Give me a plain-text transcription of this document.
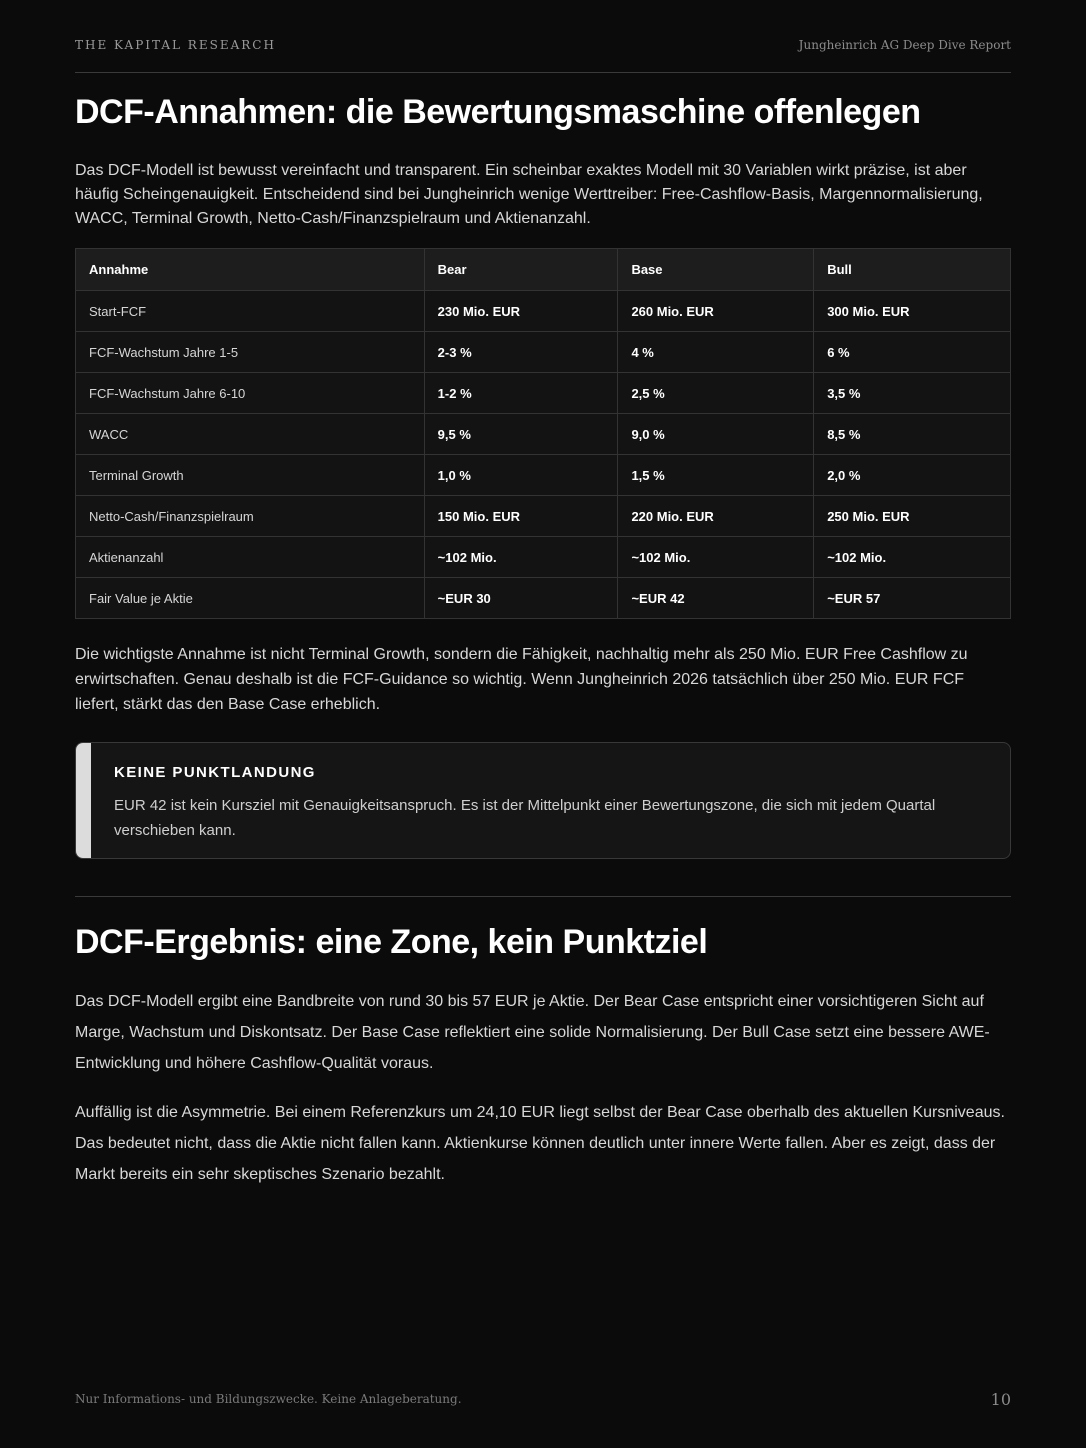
THE KAPITAL RESEARCH	Jungheinrich AG Deep Dive Report
DCF-Annahmen: die Bewertungsmaschine offenlegen

Das DCF-Modell ist bewusst vereinfacht und transparent. Ein scheinbar exaktes Modell mit 30 Variablen wirkt präzise, ist aber häufig Scheingenauigkeit. Entscheidend sind bei Jungheinrich wenige Werttreiber: Free-Cashflow-Basis, Margennormalisierung, WACC, Terminal Growth, Netto-Cash/Finanzspielraum und Aktienanzahl.

Annahme	Bear	Base	Bull
Start-FCF	230 Mio. EUR	260 Mio. EUR	300 Mio. EUR
FCF-Wachstum Jahre 1-5	2-3 %	4 %	6 %
FCF-Wachstum Jahre 6-10	1-2 %	2,5 %	3,5 %
WACC	9,5 %	9,0 %	8,5 %
Terminal Growth	1,0 %	1,5 %	2,0 %
Netto-Cash/Finanzspielraum	150 Mio. EUR	220 Mio. EUR	250 Mio. EUR
Aktienanzahl	~102 Mio.	~102 Mio.	~102 Mio.
Fair Value je Aktie	~EUR 30	~EUR 42	~EUR 57

Die wichtigste Annahme ist nicht Terminal Growth, sondern die Fähigkeit, nachhaltig mehr als 250 Mio. EUR Free Cashflow zu erwirtschaften. Genau deshalb ist die FCF-Guidance so wichtig. Wenn Jungheinrich 2026 tatsächlich über 250 Mio. EUR FCF liefert, stärkt das den Base Case erheblich.

KEINE PUNKTLANDUNG
EUR 42 ist kein Kursziel mit Genauigkeitsanspruch. Es ist der Mittelpunkt einer Bewertungszone, die sich mit jedem Quartal verschieben kann.
DCF-Ergebnis: eine Zone, kein Punktziel

Das DCF-Modell ergibt eine Bandbreite von rund 30 bis 57 EUR je Aktie. Der Bear Case entspricht einer vorsichtigeren Sicht auf Marge, Wachstum und Diskontsatz. Der Base Case reflektiert eine solide Normalisierung. Der Bull Case setzt eine bessere AWE-Entwicklung und höhere Cashflow-Qualität voraus.

Auffällig ist die Asymmetrie. Bei einem Referenzkurs um 24,10 EUR liegt selbst der Bear Case oberhalb des aktuellen Kursniveaus. Das bedeutet nicht, dass die Aktie nicht fallen kann. Aktienkurse können deutlich unter innere Werte fallen. Aber es zeigt, dass der Markt bereits ein sehr skeptisches Szenario bezahlt.

Nur Informations- und Bildungszwecke. Keine Anlageberatung.	10
